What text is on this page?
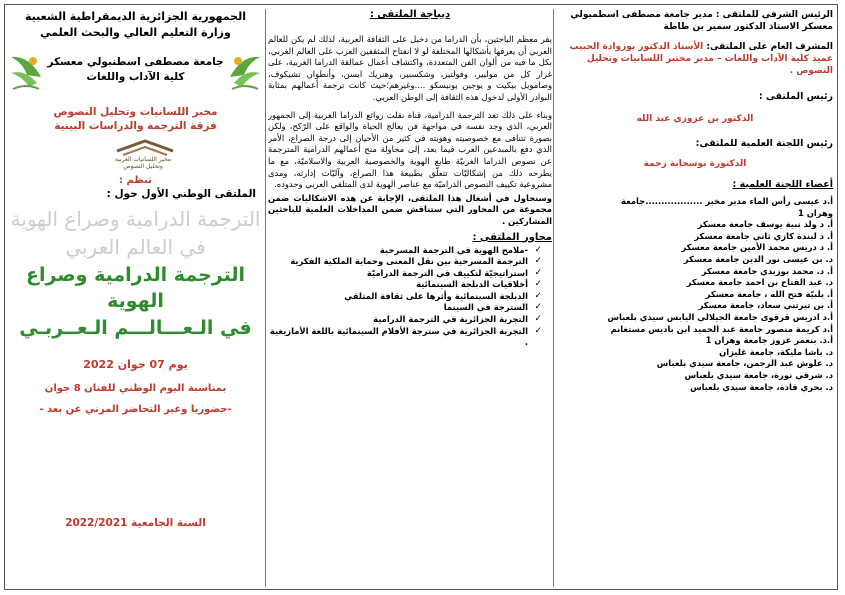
الرئيس الشرفي للملتقى : مدير جامعة مصطفى اسطمبولي معسكر الاستاذ الدكتور سمير بن طاطة
المشرف العام على الملتقى: الأستاذ الدكتور بوزوادة الحبيب عميد كلية الآداب واللغات – مدير مختبر اللسانيات وتحليل النصوص .
رئيس الملتقى :
الدكتور بن عزوزي عبد الله
رئيس اللجنة العلمية للملتقى:
الدكتورة بوسحابة رحمة
أعضاء اللجنة العلمية :
أ.د عيسى رأس الماء مدير مخبر ..................جامعة
وهران 1
أ. د ولد نبية يوسف جامعة معسكر
أ. د لبندة كازي ثاني جامعة معسكر
أ. د دريس محمد الأمين جامعة معسكر
د. بن عيسى نور الدين جامعة معسكر
أ. د. محمد بوزيدي جامعة معسكر
د. عبد الفتاح بن احمد جامعة معسكر
أ. بلبيّة فتح الله ، جامعة معسكر
أ. بن تيرتني سعاد، جامعة معسكر
أ.د ادريس قرقوى جامعة الجيلالي اليابس سيدي بلعباس
أ.د كريمة منصور جامعة عبد الحميد ابن باديس مستغانم
أ.د. بنعمر عزوز جامعة وهران 1
د. باشا مليكة، جامعة غليزان
د. علوش عبد الرحمن، جامعة سيدي بلعباس
د. شرقي نورة، جامعة سيدي بلعباس
د. بحري قادة، جامعة سيدي بلعباس
ديباجة الملتقى :

يقر معظم الباحثين، بأن الدراما من دخيل على الثقافة العربية، لذلك لم يكن للعالم العربي أن يعرفها بأشكالها المختلفة لو لا انفتاح المثقفين العرب على العالم الغربي، بكل ما فيه من ألوان الفن المتعددة، واكتشاف أعمال عمالقة الدراما الغربية، على غرار كل من مولبير، وفولتير، وشكسبير، وهنريك ابسن، وأنطوان تشيكوف، وصامويل بيكيت و يوجين يونيسكو ....وغيرهم؛حيث كانت ترجمة أعمالهم بمثابة البوادر الأولى لدخول هذه الثقافة إلى الوطن العربي.

وبناء على ذلك تعد الترجمة الدرامية، قناة نقلت روائع الدراما الغربية إلى الجمهور العربي، الذي وجد نفسه في مواجهة فن يعالج الحياة والواقع على الرّكح، ولكن بصورة تتنافى مع خصوصيته وهويته في كثير من الأحيان إلى درجة الصراع، الأمر الذي دفع بالمبدعين العرب فيما بعد، إلى محاولة منح أعمالهم الدرامية المترجمة عن نصوص الدراما الغربيّة طابع الهوية والخصوصية العربية والاسلاميّة، مع ما يطرحه ذلك من إشكاليّات تتعلّق بطبيعة هذا الصراع، وآليّات إدارته، ومدى مشروعية تكييف النصوص الدراميّة مع عناصر الهوية لدى المتلقي العربي وحدوده.

وسنحاول في أشغال هذا الملتقى، الإجابة عن هذه الاشكاليات ضمن مجموعة من المحاور التي ستناقش ضمن المداخلات العلمية للباحثين المشاركين .

محاور الملتقى :
✓
-ملامح الهوية في الترجمة المسرحية
✓
الترجمة المسرحية بين نقل المعنى وحماية الملكية الفكرية
✓
استراتيجيّة لتكييف في الترجمة الدراميّة
✓
أخلاقيات الدبلجة السينمائية
✓
الدبلجة السينمائية وأثرها على ثقافة المتلقي
✓
السترجة في السينما
✓
التجربة الجزائرية في الترجمة الدرامية
✓
التجربة الجزائرية في سترجة الأفلام السينمائية باللغة الأمازيغية .
الجمهورية الجزائرية الديمقراطية الشعبية
وزارة التعليم العالي والبحث العلمي
جامعة مصطفى اسطنبولي معسكر
كلية الآداب واللغات
مخبر اللسانيات وتحليل النصوص
فرقة الترجمة والدراسات البينية
مخبر اللسانيات العربية وتحليل النصوص
تنظم :
الملتقى الوطني الأول حول :
الترجمة الدرامية وصراع الهوية
في العالم العربي
الترجمة الدرامية وصراع الهوية
في الـعـــالـــم الـعــربـي
يوم 07 جوان 2022
بمناسبة اليوم الوطني للفنان 8 جوان
-حضوريا وعبر التحاضر المرني عن بعد -
السنة الجامعية 2022/2021
